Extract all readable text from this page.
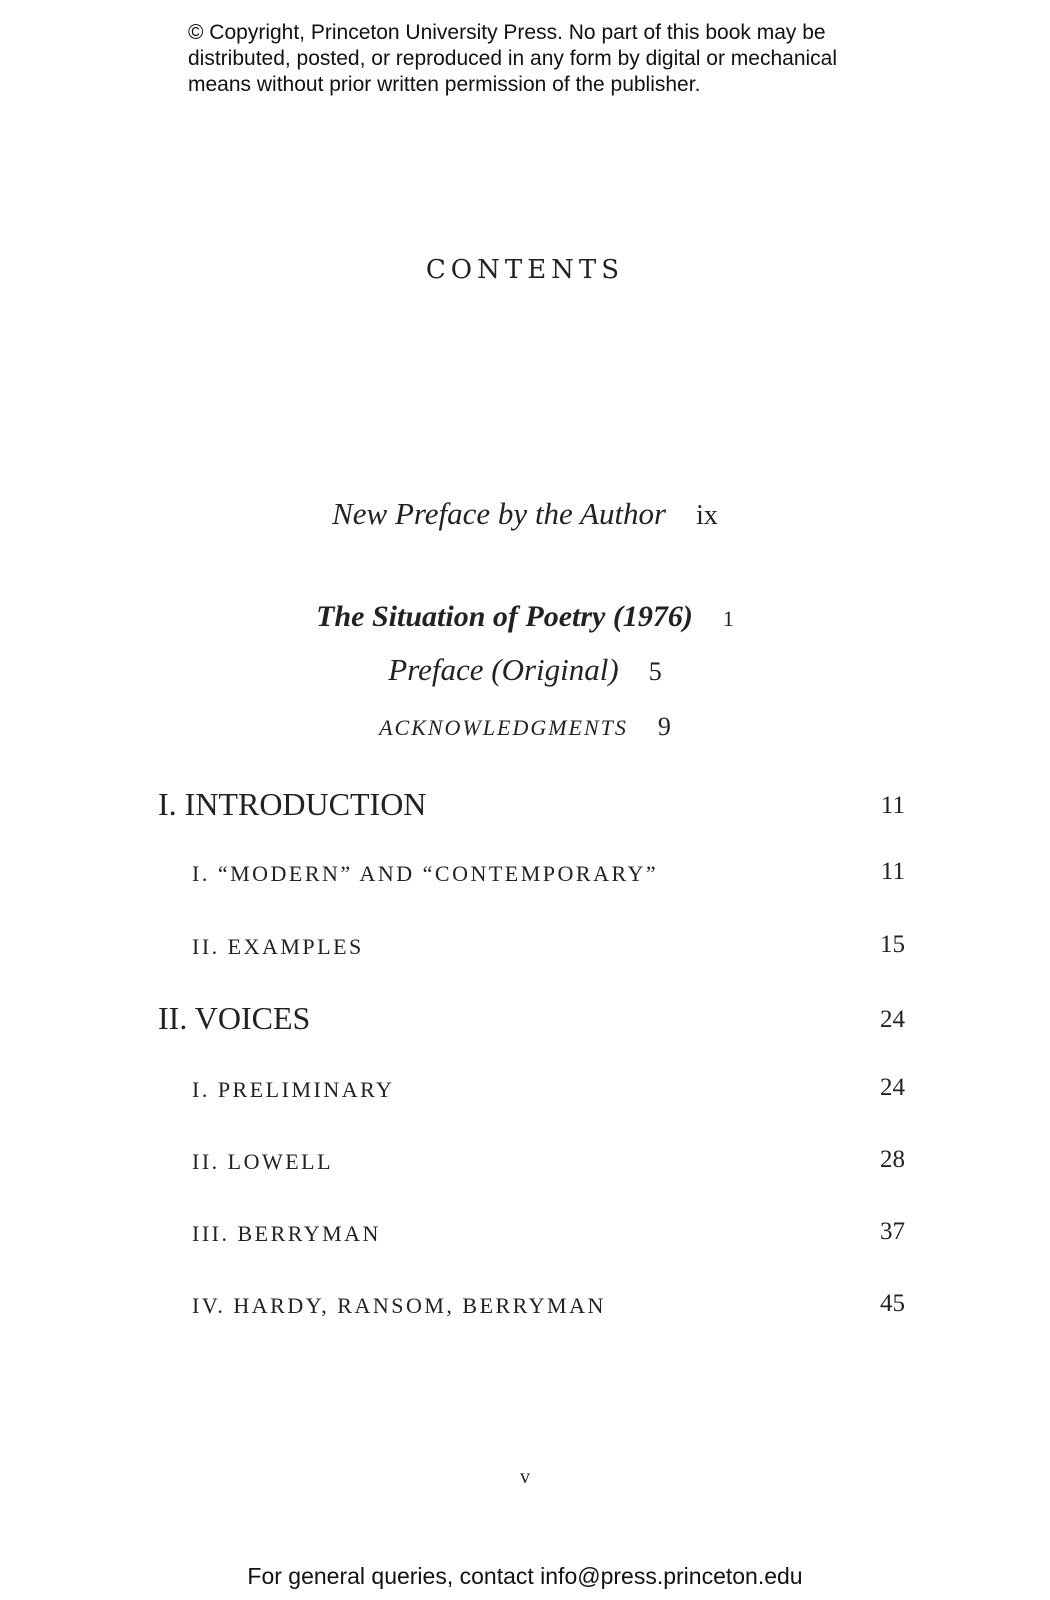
© Copyright, Princeton University Press. No part of this book may be
distributed, posted, or reproduced in any form by digital or mechanical
means without prior written permission of the publisher.
CONTENTS
New Preface by the Author ix
The Situation of Poetry (1976) 1
Preface (Original) 5
ACKNOWLEDGMENTS 9
I. INTRODUCTION	11
I. “MODERN” AND “CONTEMPORARY”	11
II. EXAMPLES	15
II. VOICES	24
I. PRELIMINARY	24
II. LOWELL	28
III. BERRYMAN	37
IV. HARDY, RANSOM, BERRYMAN	45
v
For general queries, contact info@press.princeton.edu
